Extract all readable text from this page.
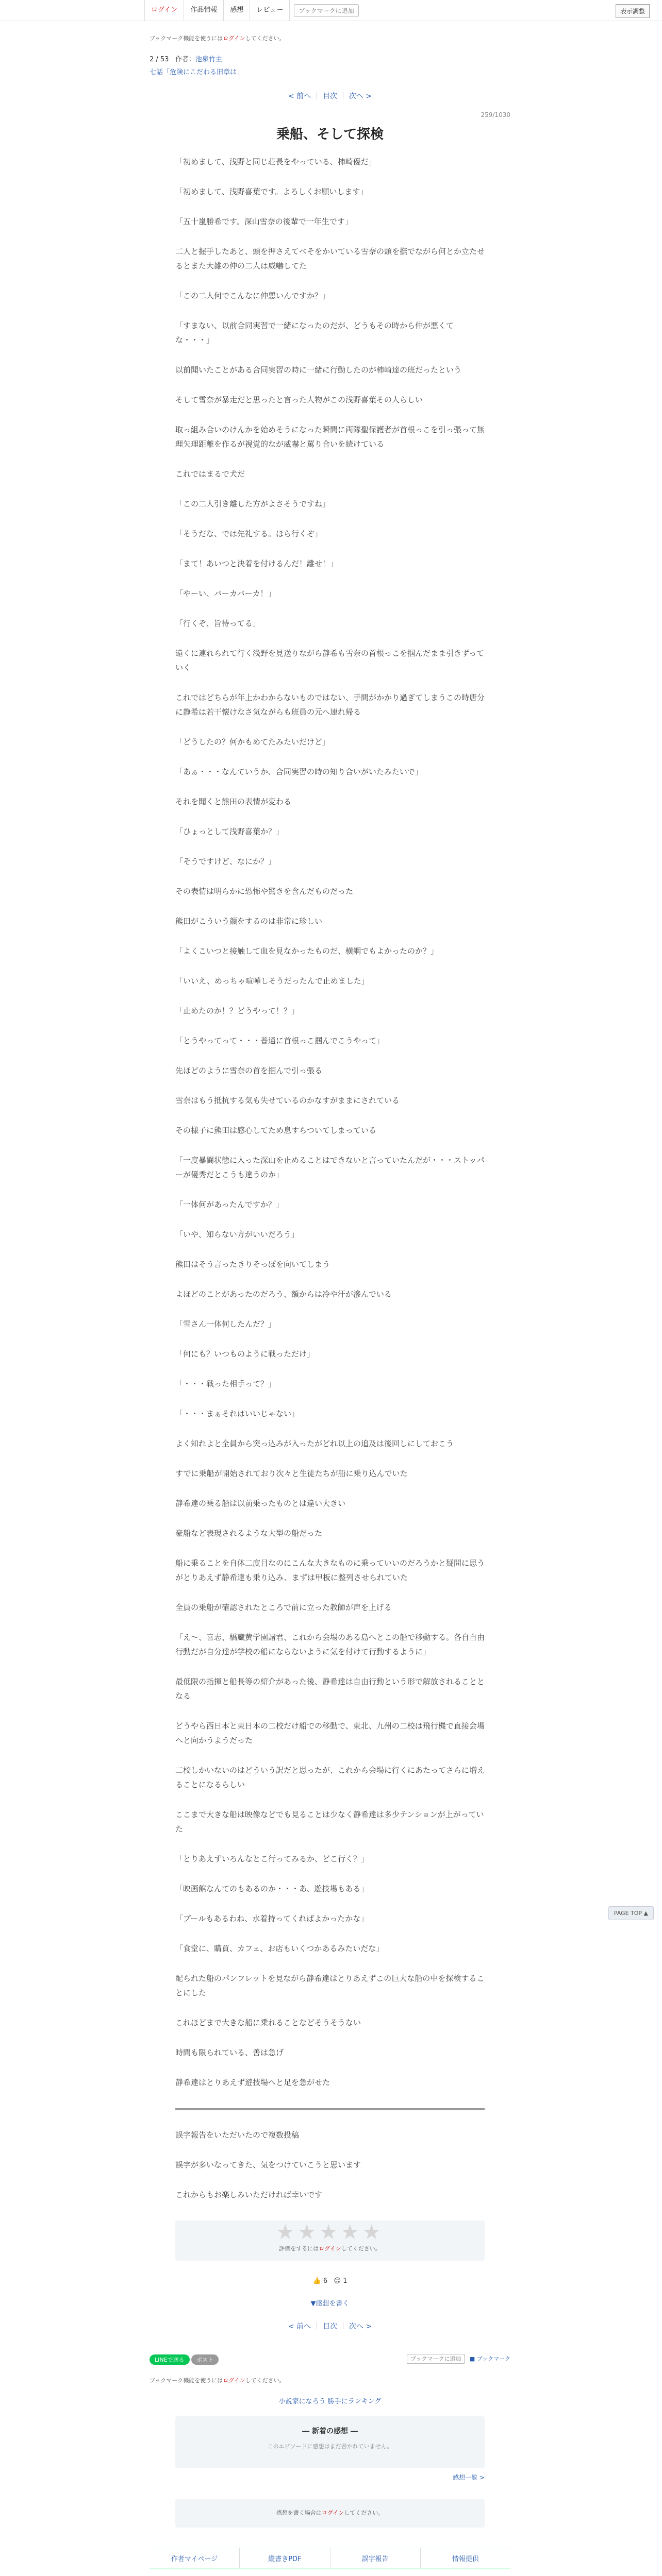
ログイン	作品情報	感想	レビュー	ブックマークに追加	表示調整
ブックマーク機能を使うにはログインしてください。
2 / 53 作者：池泉竹主
七話「危険にこだわる旧章は」
< 前へ ｜ 目次 ｜ 次へ >
259/1030
乗船、そして探検

「初めまして、浅野と同じ荘長をやっている、柿崎優だ」

「初めまして、浅野喜葉です。よろしくお願いします」

「五十嵐勝希です。深山雪奈の後輩で一年生です」

二人と握手したあと、頭を押さえてべそをかいている雪奈の頭を撫でながら何とか立たせるとまた大雑の仲の二人は威嚇してた

「この二人何でこんなに仲悪いんですか？」

「すまない、以前合同実習で一緒になったのだが、どうもその時から仲が悪くてな・・・」

以前聞いたことがある合同実習の時に一緒に行動したのが柿崎達の班だったという

そして雪奈が暴走だと思ったと言った人物がこの浅野喜葉その人らしい

取っ組み合いのけんかを始めそうになった瞬間に両隊聖保護者が首根っこを引っ張って無理矢理距離を作るが視覚的なが威嚇と罵り合いを続けている

これではまるで犬だ

「この二人引き離した方がよさそうですね」

「そうだな、では先礼する。ほら行くぞ」

「まて！あいつと決着を付けるんだ！離せ！」

「やーい、バーカバーカ！」

「行くぞ、旨待ってる」

遠くに連れられて行く浅野を見送りながら静希も雪奈の首根っこを掴んだまま引きずっていく

これではどちらが年上かわからないものではない、手間がかかり過ぎてしまうこの時唐分に静希は若干懐けなさ気ながらも班員の元へ連れ帰る

「どうしたの？何かもめてたみたいだけど」

「あぁ・・・なんていうか、合同実習の時の知り合いがいたみたいで」

それを聞くと熊田の表情が変わる

「ひょっとして浅野喜葉か？」

「そうですけど、なにか？」

その表情は明らかに恐怖や驚きを含んだものだった

熊田がこういう顔をするのは非常に珍しい

「よくこいつと接触して血を見なかったものだ、横綱でもよかったのか？」

「いいえ、めっちゃ喧嘩しそうだったんで止めました」

「止めたのか！？どうやって！？」

「とうやってって・・・普通に首根っこ掴んでこうやって」

先ほどのように雪奈の首を掴んで引っ張る

雪奈はもう抵抗する気も失せているのかなすがままにされている

その様子に熊田は感心してため息すらついてしまっている

「一度暴闘状態に入った深山を止めることはできないと言っていたんだが・・・ストッパーが優秀だとこうも違うのか」

「一体何があったんですか？」

「いや、知らない方がいいだろう」

熊田はそう言ったきりそっぽを向いてしまう

よほどのことがあったのだろう、額からは冷や汗が滲んでいる

「雪さん一体何したんだ？」

「何にも？いつものように戦っただけ」

「・・・戦った相手って？」

「・・・まぁそれはいいじゃない」

よく知れよと全員から突っ込みが入ったがどれ以上の追及は後回しにしておこう

すでに乗船が開始されており次々と生徒たちが船に乗り込んでいた

静希達の乗る船は以前乗ったものとは違い大きい

豪船など表現されるような大型の船だった

船に乗ることを自体二度目なのにこんな大きなものに乗っていいのだろうかと疑問に思うがとりあえず静希達も乗り込み、まずは甲板に整列させられていた

全員の乗船が確認されたところで前に立った教師が声を上げる

「え～、喜志、橋蔵黄学園諸君、これから会場のある島へとこの船で移動する。各自自由行動だが自分達が学校の船にならないように気を付けて行動するように」

最低限の指揮と船長等の紹介があった後、静希達は自由行動という形で解放されることとなる

どうやら西日本と東日本の二校だけ船での移動で、東北、九州の二校は飛行機で直接会場へと向かうようだった

二校しかいないのはどういう訳だと思ったが、これから会場に行くにあたってさらに増えることになるらしい

ここまで大きな船は映像などでも見ることは少なく静希達は多少テンションが上がっていた

「とりあえずいろんなとこ行ってみるか、どこ行く？」

「映画館なんてのもあるのか・・・あ、遊技場もある」

「プールもあるわね、水着持ってくればよかったかな」

「食堂に、購買、カフェ、お店もいくつかあるみたいだな」

配られた船のパンフレットを見ながら静希達はとりあえずこの巨大な船の中を探検することにした

これほどまで大きな船に乗れることなどそうそうない

時間も限られている、善は急げ

静希達はとりあえず遊技場へと足を急がせた

誤字報告をいただいたので複数投稿

誤字が多いなってきた、気をつけていこうと思います

これからもお楽しみいただければ幸いです

★★★★★
評価をするにはログインしてください。
👍 6 😊 1
▼感想を書く
< 前へ ｜ 目次 ｜ 次へ >
LINEで送る ポスト	ブックマークに追加 ■ ブックマーク
ブックマーク機能を使うにはログインしてください。
小説家になろう 勝手にランキング
― 新着の感想 ―
このエピソードに感想はまだ書かれていません。
感想一覧 >
感想を書く場合はログインしてください。
作者マイページ	縦書きPDF	誤字報告	情報提供
PAGE TOP ▲
